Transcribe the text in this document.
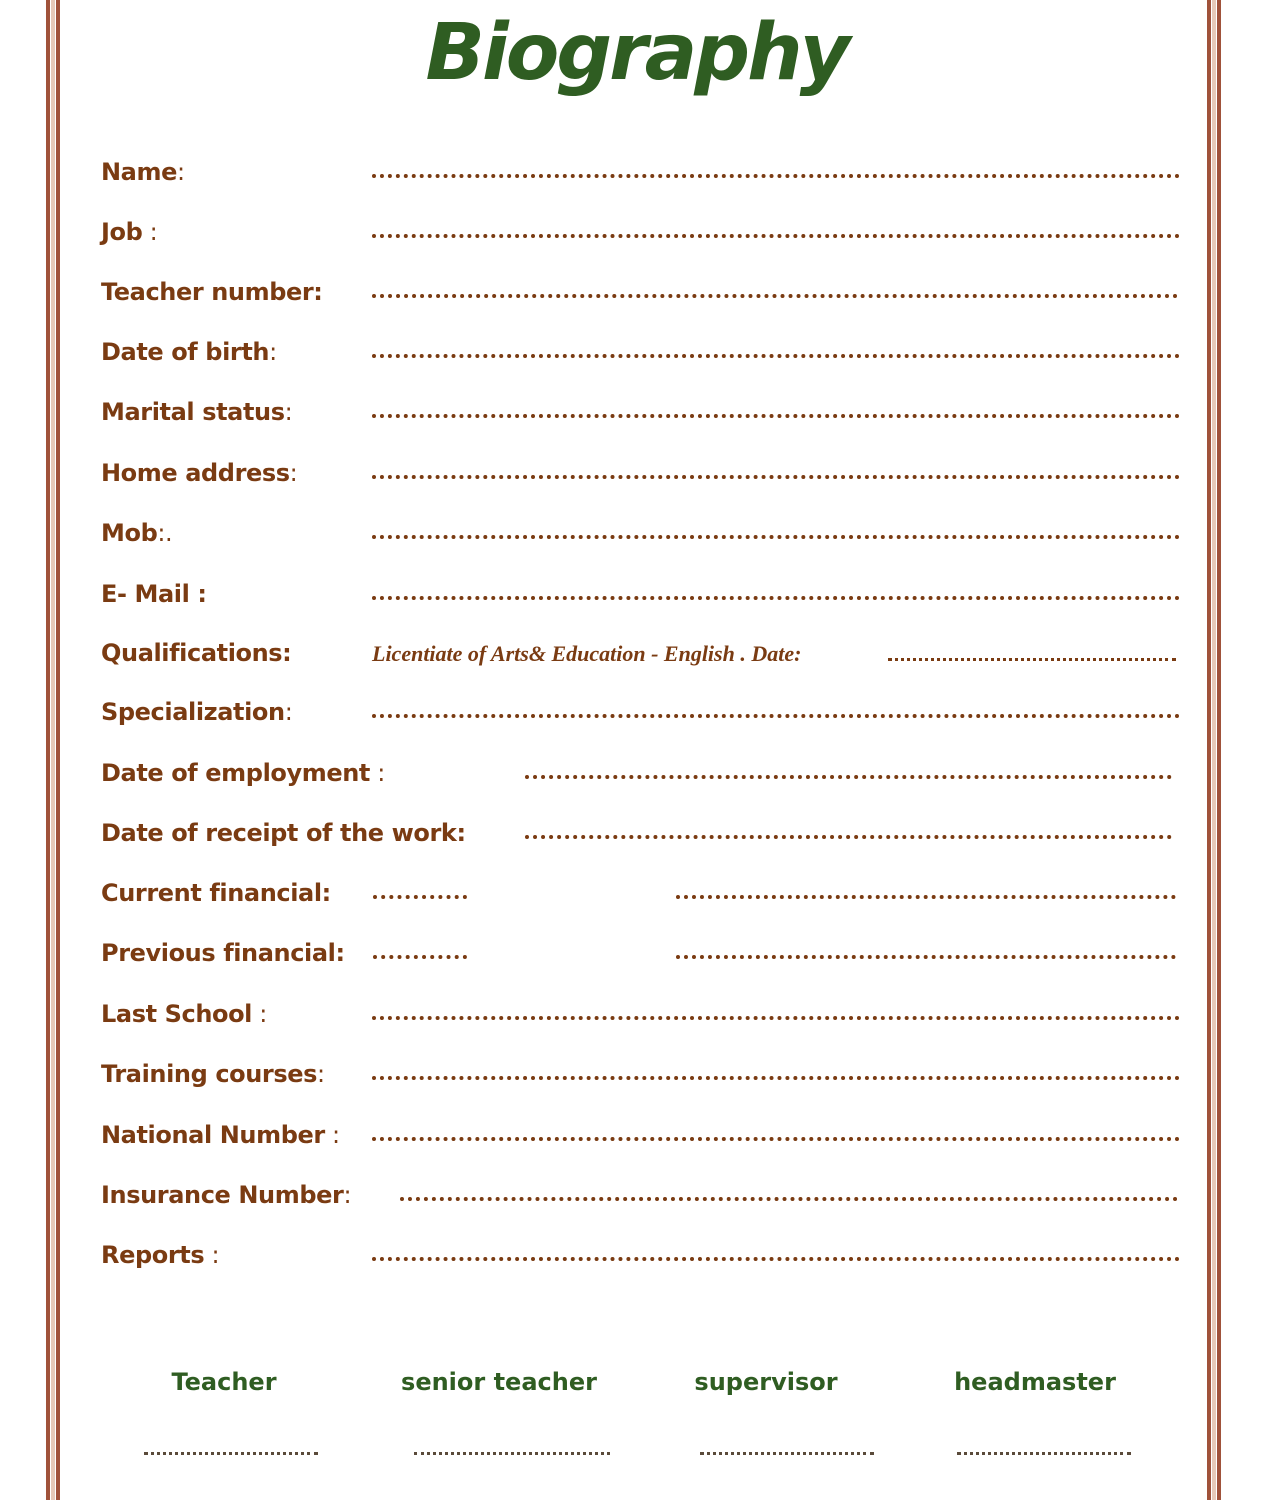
Biography
Name:
Job :
Teacher number:
Date of birth:
Marital status:
Home address:
Mob:.
E- Mail :
Qualifications:	Licentiate of Arts& Education - English . Date:
Specialization:
Date of employment :
Date of receipt of the work:
Current financial:
Previous financial:
Last School :
Training courses:
National Number :
Insurance Number:
Reports :
Teacher	senior teacher	supervisor	headmaster
